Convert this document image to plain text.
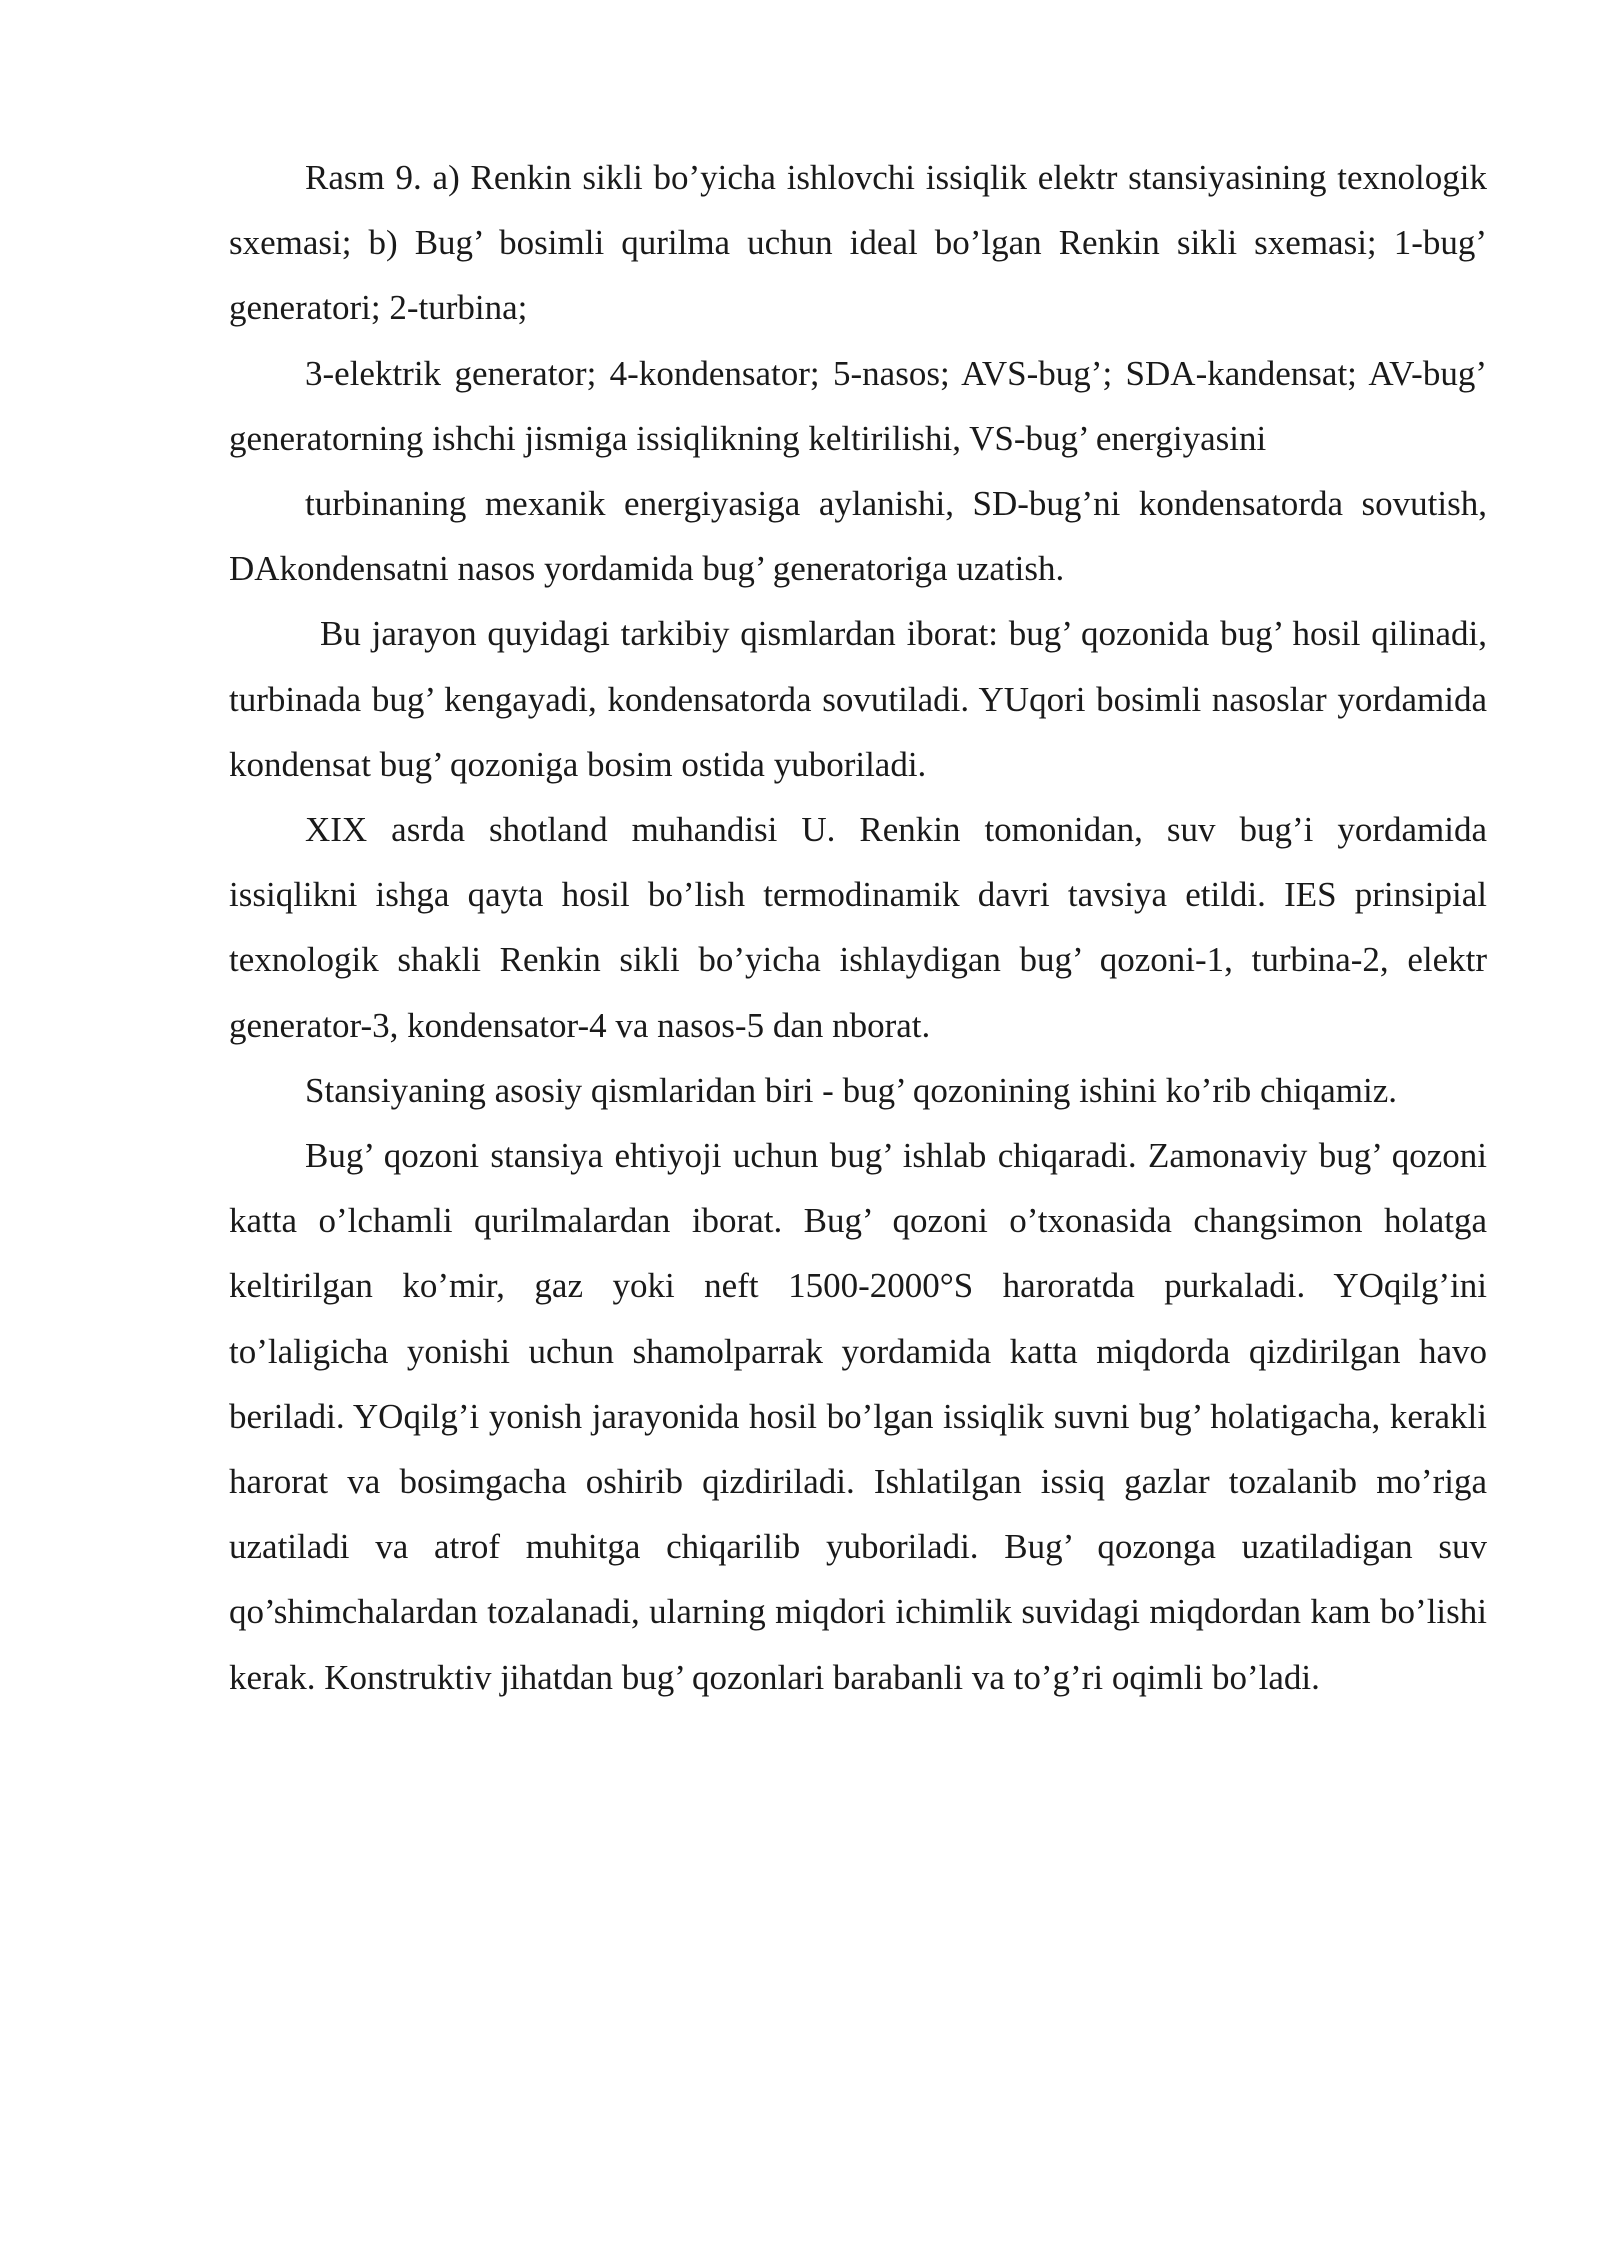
Rasm 9. a) Renkin sikli bo’yicha ishlovchi issiqlik elektr stansiyasining texnologik sxemasi; b) Bug’ bosimli qurilma uchun ideal bo’lgan Renkin sikli sxemasi; 1-bug’ generatori; 2-turbina;

3-elektrik generator; 4-kondensator; 5-nasos; AVS-bug’; SDA-kandensat; AV-bug’ generatorning ishchi jismiga issiqlikning keltirilishi, VS-bug’ energiyasini

turbinaning mexanik energiyasiga aylanishi, SD-bug’ni kondensatorda sovutish, DAkondensatni nasos yordamida bug’ generatoriga uzatish.

Bu jarayon quyidagi tarkibiy qismlardan iborat: bug’ qozonida bug’ hosil qilinadi, turbinada bug’ kengayadi, kondensatorda sovutiladi. YUqori bosimli nasoslar yordamida kondensat bug’ qozoniga bosim ostida yuboriladi.

XIX asrda shotland muhandisi U. Renkin tomonidan, suv bug’i yordamida issiqlikni ishga qayta hosil bo’lish termodinamik davri tavsiya etildi. IES prinsipial texnologik shakli Renkin sikli bo’yicha ishlaydigan bug’ qozoni-1, turbina-2, elektr generator-3, kondensator-4 va nasos-5 dan nborat.

Stansiyaning asosiy qismlaridan biri - bug’ qozonining ishini ko’rib chiqamiz.

Bug’ qozoni stansiya ehtiyoji uchun bug’ ishlab chiqaradi. Zamonaviy bug’ qozoni katta o’lchamli qurilmalardan iborat. Bug’ qozoni o’txonasida changsimon holatga keltirilgan ko’mir, gaz yoki neft 1500-2000°S haroratda purkaladi. YOqilg’ini to’laligicha yonishi uchun shamolparrak yordamida katta miqdorda qizdirilgan havo beriladi. YOqilg’i yonish jarayonida hosil bo’lgan issiqlik suvni bug’ holatigacha, kerakli harorat va bosimgacha oshirib qizdiriladi. Ishlatilgan issiq gazlar tozalanib mo’riga uzatiladi va atrof muhitga chiqarilib yuboriladi. Bug’ qozonga uzatiladigan suv qo’shimchalardan tozalanadi, ularning miqdori ichimlik suvidagi miqdordan kam bo’lishi kerak. Konstruktiv jihatdan bug’ qozonlari barabanli va to’g’ri oqimli bo’ladi.
